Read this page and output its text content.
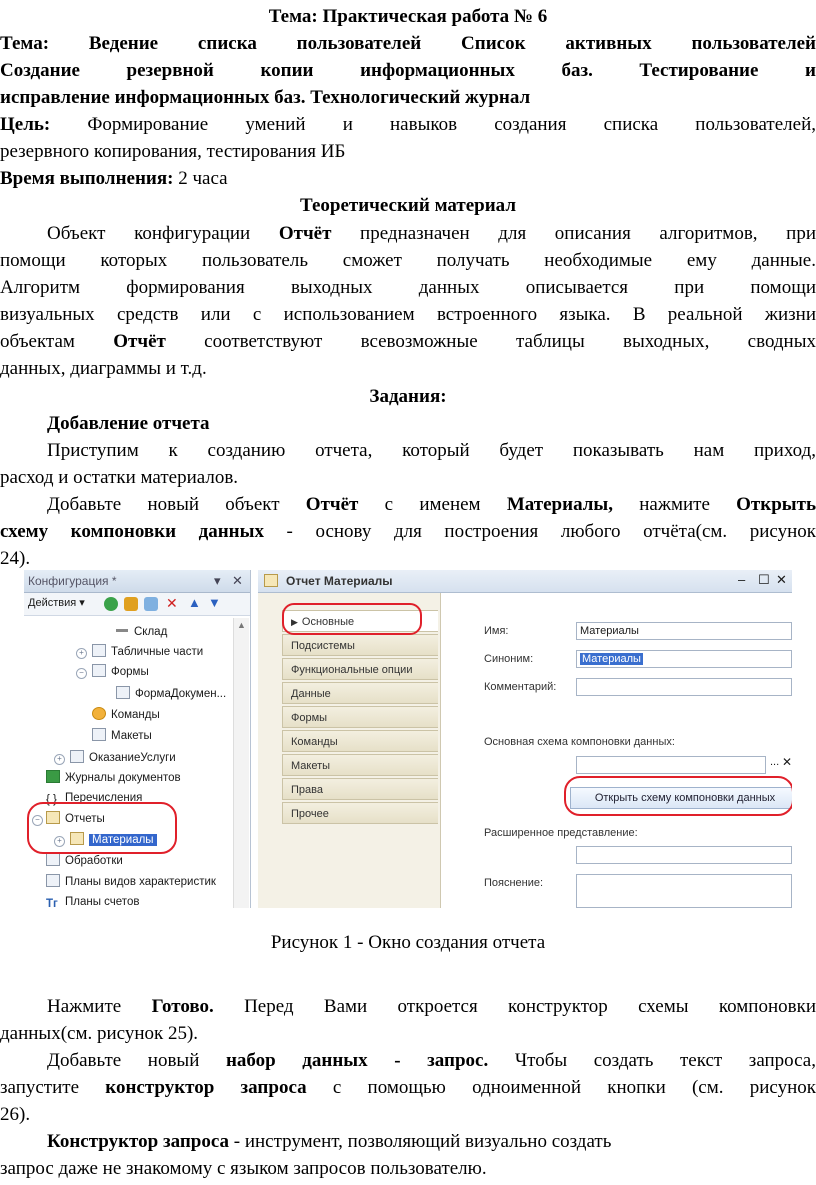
Тема: Практическая работа № 6
Тема: Ведение списка пользователей Список активных пользователей
Создание резервной копии информационных баз. Тестирование и
исправление информационных баз. Технологический журнал
Цель: Формирование умений и навыков создания списка пользователей,
резервного копирования, тестирования ИБ
Время выполнения: 2 часа
Теоретический материал
Объект конфигурации Отчёт предназначен для описания алгоритмов, при
помощи которых пользователь сможет получать необходимые ему данные.
Алгоритм формирования выходных данных описывается при помощи
визуальных средств или с использованием встроенного языка. В реальной жизни
объектам Отчёт соответствуют всевозможные таблицы выходных, сводных
данных, диаграммы и т.д.
Задания:
Добавление отчета
Приступим к созданию отчета, который будет показывать нам приход,
расход и остатки материалов.
Добавьте новый объект Отчёт с именем Материалы, нажмите Открыть
схему компоновки данных - основу для построения любого отчёта(см. рисунок
24).
Рисунок 1 - Окно создания отчета
Нажмите Готово. Перед Вами откроется конструктор схемы компоновки
данных(см. рисунок 25).
Добавьте новый набор данных - запрос. Чтобы создать текст запроса,
запустите конструктор запроса с помощью одноименной кнопки (см. рисунок
26).
Конструктор запроса - инструмент, позволяющий визуально создать
запрос даже не знакомому с языком запросов пользователю.
Конфигурация *	▾ ✕
Действия ▾	✕ ▲ ▼
Склад
+	Табличные части
−	Формы
ФормаДокумен...
Команды
Макеты
+	ОказаниеУслуги
Журналы документов
{ } Перечисления
−	Отчеты
+	Материалы
Обработки
Планы видов характеристик
Тг Планы счетов
▲
Отчет Материалы	– ☐ ✕
▶ Основные
Подсистемы
Функциональные опции
Данные
Формы
Команды
Макеты
Права
Прочее
Имя:	Материалы
Синоним:	Материалы
Комментарий:
Основная схема компоновки данных:
... ✕
Открыть схему компоновки данных
Расширенное представление:
Пояснение:
